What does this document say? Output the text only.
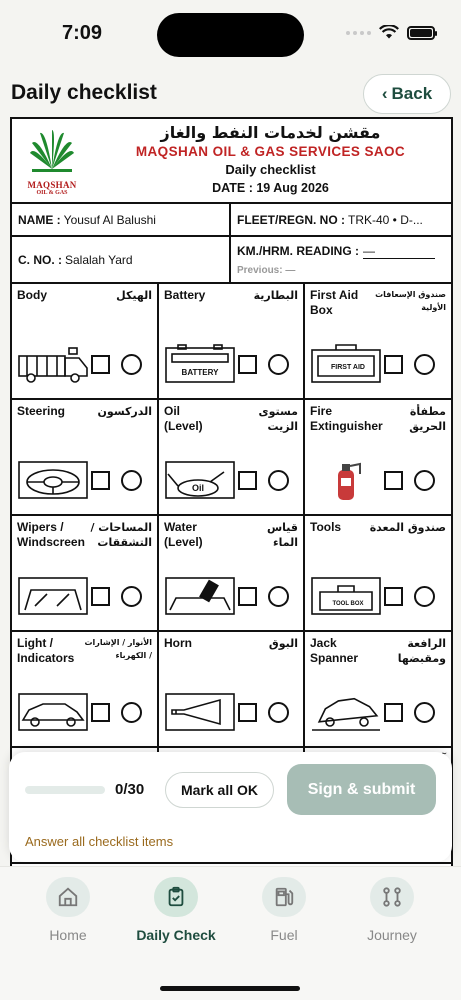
7:09
Daily checklist	‹ Back
MAQSHAN
OIL & GAS
مقشن لخدمات النفط والغاز
MAQSHAN OIL & GAS SERVICES SAOC
Daily checklist
DATE : 19 Aug 2026
NAME : Yousuf Al Balushi	FLEET/REGN. NO : TRK-40 • D-...
C. NO. : Salalah Yard
KM./HRM. READING : —
Previous: —
Body	الهيكل Battery	البطارية
BATTERY
First Aid Box
صندوق الإسعافات الأولية
FIRST AID
Steering	الدركسون Oil (Level)
مستوى الزيت
Oil
Fire Extinguisher
مطفأة الحريق
Wipers / Windscreen
المساحات / التشققات
Water (Level)
قياس الماء
Tools	صندوق المعدة
TOOL BOX
Light / Indicators
الأنوار / الإشارات / الكهرباء
Horn	البوق Jack Spanner
الرافعة ومقبضها
0/30	Mark all OK	Sign & submit
Answer all checklist items
Home	Daily Check	Fuel	Journey
